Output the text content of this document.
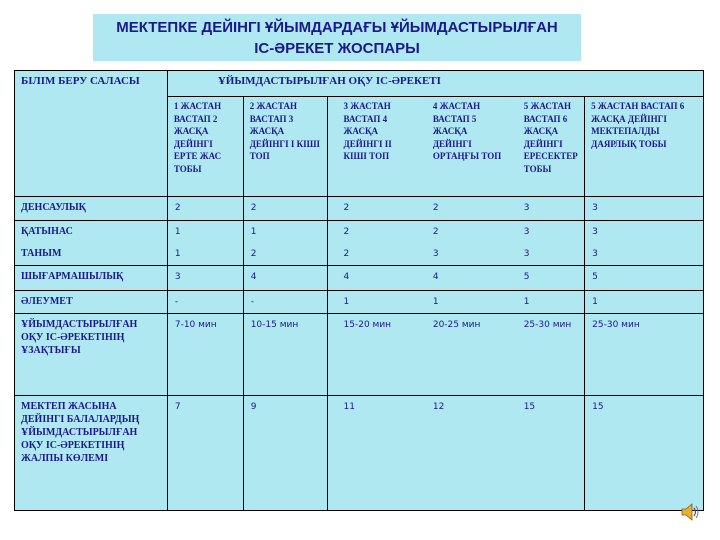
МЕКТЕПКЕ ДЕЙІНГІ ҰЙЫМДАРДАҒЫ ҰЙЫМДАСТЫРЫЛҒАН
ІС-ӘРЕКЕТ ЖОСПАРЫ
БІЛІМ БЕРУ САЛАСЫ	ҰЙЫМДАСТЫРЫЛҒАН ОҚУ ІС-ӘРЕКЕТІ					
	1 ЖАСТАН ВАСТАП 2 ЖАСҚА ДЕЙІНГІ ЕРТЕ ЖАС ТОБЫ	2 ЖАСТАН ВАСТАП 3 ЖАСҚА ДЕЙІНГІ І КІШІ ТОП	3 ЖАСТАН ВАСТАП 4 ЖАСҚА ДЕЙІНГІ ІІ КІШІ ТОП	4 ЖАСТАН ВАСТАП 5 ЖАСҚА ДЕЙІНГІ ОРТАҢҒЫ ТОП	5 ЖАСТАН ВАСТАП 6 ЖАСҚА ДЕЙІНГІ ЕРЕСЕКТЕР ТОБЫ	5 ЖАСТАН ВАСТАП 6 ЖАСҚА ДЕЙІНГІ МЕКТЕПАЛДЫ ДАЯРЛЫҚ ТОБЫ
ДЕНСАУЛЫҚ	2	2	2	2	3	3
ҚАТЫНАС	1	1	2	2	3	3
ТАНЫМ	1	2	2	3	3	3
ШЫҒАРМАШЫЛЫҚ	3	4	4	4	5	5
ӘЛЕУМЕТ	-	-	1	1	1	1
ҰЙЫМДАСТЫРЫЛҒАН ОҚУ ІС-ӘРЕКЕТІНІҢ ҰЗАҚТЫҒЫ	7-10 мин	10-15 мин	15-20 мин	20-25 мин	25-30 мин	25-30 мин
МЕКТЕП ЖАСЫНА ДЕЙІНГІ БАЛАЛАРДЫҢ ҰЙЫМДАСТЫРЫЛҒАН ОҚУ ІС-ӘРЕКЕТІНІҢ ЖАЛПЫ КӨЛЕМІ	7	9	11	12	15	15
